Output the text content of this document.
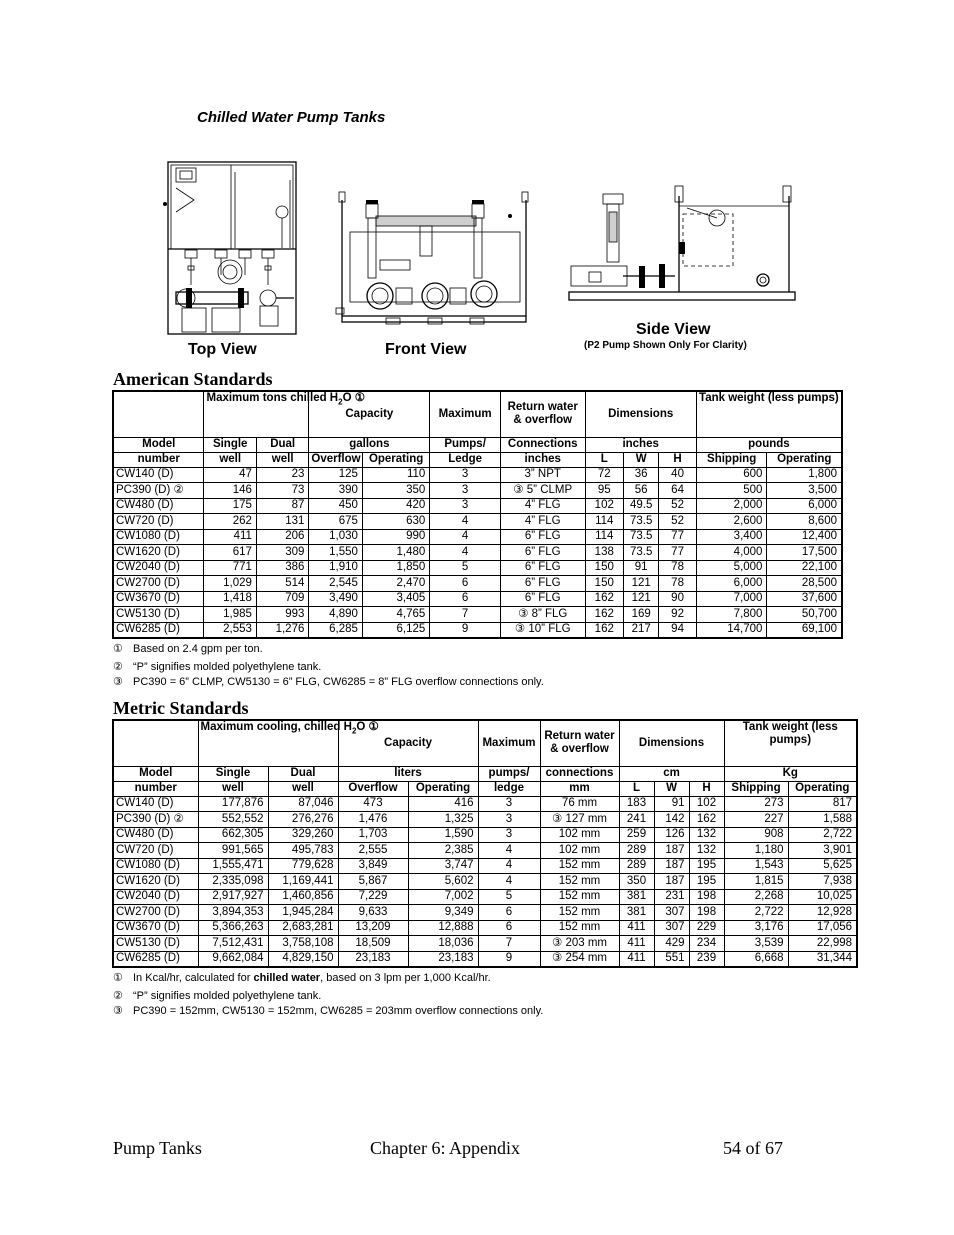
Chilled Water Pump Tanks
Top View	Front View
Side View
(P2 Pump Shown Only For Clarity)
American Standards
	Maximum tons chilled $H_2O$ ①		Capacity		Maximum	Return water & overflow	Dimensions			Tank weight (less pumps)	
Model	Single	Dual	gallons		Pumps/	Connections	inches			pounds	
number	well	well	Overflow	Operating	Ledge	inches	L	W	H	Shipping	Operating
CW140 (D)	47	23	125	110	3	3” NPT	72	36	40	600	1,800
PC390 (D) ②	146	73	390	350	3	③ 5” CLMP	95	56	64	500	3,500
CW480 (D)	175	87	450	420	3	4” FLG	102	49.5	52	2,000	6,000
CW720 (D)	262	131	675	630	4	4” FLG	114	73.5	52	2,600	8,600
CW1080 (D)	411	206	1,030	990	4	6” FLG	114	73.5	77	3,400	12,400
CW1620 (D)	617	309	1,550	1,480	4	6” FLG	138	73.5	77	4,000	17,500
CW2040 (D)	771	386	1,910	1,850	5	6” FLG	150	91	78	5,000	22,100
CW2700 (D)	1,029	514	2,545	2,470	6	6” FLG	150	121	78	6,000	28,500
CW3670 (D)	1,418	709	3,490	3,405	6	6” FLG	162	121	90	7,000	37,600
CW5130 (D)	1,985	993	4,890	4,765	7	③ 8” FLG	162	169	92	7,800	50,700
CW6285 (D)	2,553	1,276	6,285	6,125	9	③ 10” FLG	162	217	94	14,700	69,100
① Based on 2.4 gpm per ton.
② “P” signifies molded polyethylene tank.
③ PC390 = 6” CLMP, CW5130 = 6” FLG, CW6285 = 8” FLG overflow connections only.
Metric Standards
	Maximum cooling, chilled $H_2O$ ①		Capacity		Maximum	Return water & overflow	Dimensions			Tank weight (less pumps)	
Model	Single	Dual	liters		pumps/	connections	cm			Kg	
number	well	well	Overflow	Operating	ledge	mm	L	W	H	Shipping	Operating
CW140 (D)	177,876	87,046	473	416	3	76 mm	183	91	102	273	817
PC390 (D) ②	552,552	276,276	1,476	1,325	3	③ 127 mm	241	142	162	227	1,588
CW480 (D)	662,305	329,260	1,703	1,590	3	102 mm	259	126	132	908	2,722
CW720 (D)	991,565	495,783	2,555	2,385	4	102 mm	289	187	132	1,180	3,901
CW1080 (D)	1,555,471	779,628	3,849	3,747	4	152 mm	289	187	195	1,543	5,625
CW1620 (D)	2,335,098	1,169,441	5,867	5,602	4	152 mm	350	187	195	1,815	7,938
CW2040 (D)	2,917,927	1,460,856	7,229	7,002	5	152 mm	381	231	198	2,268	10,025
CW2700 (D)	3,894,353	1,945,284	9,633	9,349	6	152 mm	381	307	198	2,722	12,928
CW3670 (D)	5,366,263	2,683,281	13,209	12,888	6	152 mm	411	307	229	3,176	17,056
CW5130 (D)	7,512,431	3,758,108	18,509	18,036	7	③ 203 mm	411	429	234	3,539	22,998
CW6285 (D)	9,662,084	4,829,150	23,183	23,183	9	③ 254 mm	411	551	239	6,668	31,344
① In Kcal/hr, calculated for chilled water, based on 3 lpm per 1,000 Kcal/hr.
② “P” signifies molded polyethylene tank.
③ PC390 = 152mm, CW5130 = 152mm, CW6285 = 203mm overflow connections only.
Pump Tanks	Chapter 6: Appendix	54 of 67
